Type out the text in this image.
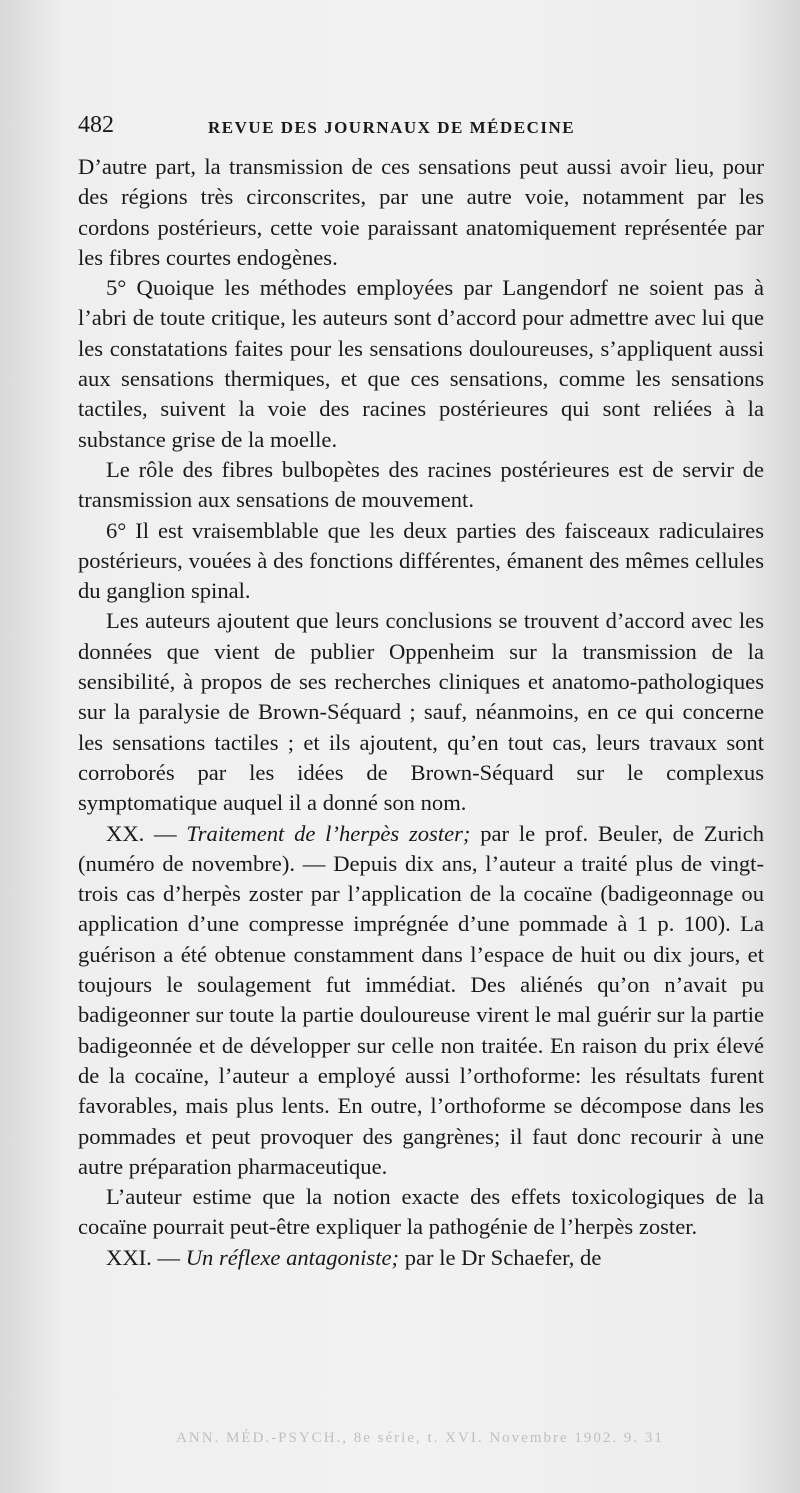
482	REVUE DES JOURNAUX DE MÉDECINE

D’autre part, la transmission de ces sensations peut aussi avoir lieu, pour des régions très circonscrites, par une autre voie, notamment par les cordons postérieurs, cette voie paraissant anatomiquement représentée par les fibres courtes endogènes.

5° Quoique les méthodes employées par Langendorf ne soient pas à l’abri de toute critique, les auteurs sont d’accord pour admettre avec lui que les constatations faites pour les sensations douloureuses, s’appliquent aussi aux sensations thermiques, et que ces sensations, comme les sensations tactiles, suivent la voie des racines postérieures qui sont reliées à la substance grise de la moelle.

Le rôle des fibres bulbopètes des racines postérieures est de servir de transmission aux sensations de mouvement.

6° Il est vraisemblable que les deux parties des faisceaux radiculaires postérieurs, vouées à des fonctions différentes, émanent des mêmes cellules du ganglion spinal.

Les auteurs ajoutent que leurs conclusions se trouvent d’accord avec les données que vient de publier Oppenheim sur la transmission de la sensibilité, à propos de ses recherches cliniques et anatomo-pathologiques sur la paralysie de Brown-Séquard ; sauf, néanmoins, en ce qui concerne les sensations tactiles ; et ils ajoutent, qu’en tout cas, leurs travaux sont corroborés par les idées de Brown-Séquard sur le complexus symptomatique auquel il a donné son nom.

XX. — Traitement de l’herpès zoster; par le prof. Beuler, de Zurich (numéro de novembre). — Depuis dix ans, l’auteur a traité plus de vingt-trois cas d’herpès zoster par l’application de la cocaïne (badigeonnage ou application d’une compresse imprégnée d’une pommade à 1 p. 100). La guérison a été obtenue constamment dans l’espace de huit ou dix jours, et toujours le soulagement fut immédiat. Des aliénés qu’on n’avait pu badigeonner sur toute la partie douloureuse virent le mal guérir sur la partie badigeonnée et de développer sur celle non traitée. En raison du prix élevé de la cocaïne, l’auteur a employé aussi l’orthoforme: les résultats furent favorables, mais plus lents. En outre, l’orthoforme se décompose dans les pommades et peut provoquer des gangrènes; il faut donc recourir à une autre préparation pharmaceutique.

L’auteur estime que la notion exacte des effets toxicologiques de la cocaïne pourrait peut-être expliquer la pathogénie de l’herpès zoster.

XXI. — Un réflexe antagoniste; par le Dr Schaefer, de

ANN. MÉD.-PSYCH., 8e série, t. XVI. Novembre 1902. 9. 31
